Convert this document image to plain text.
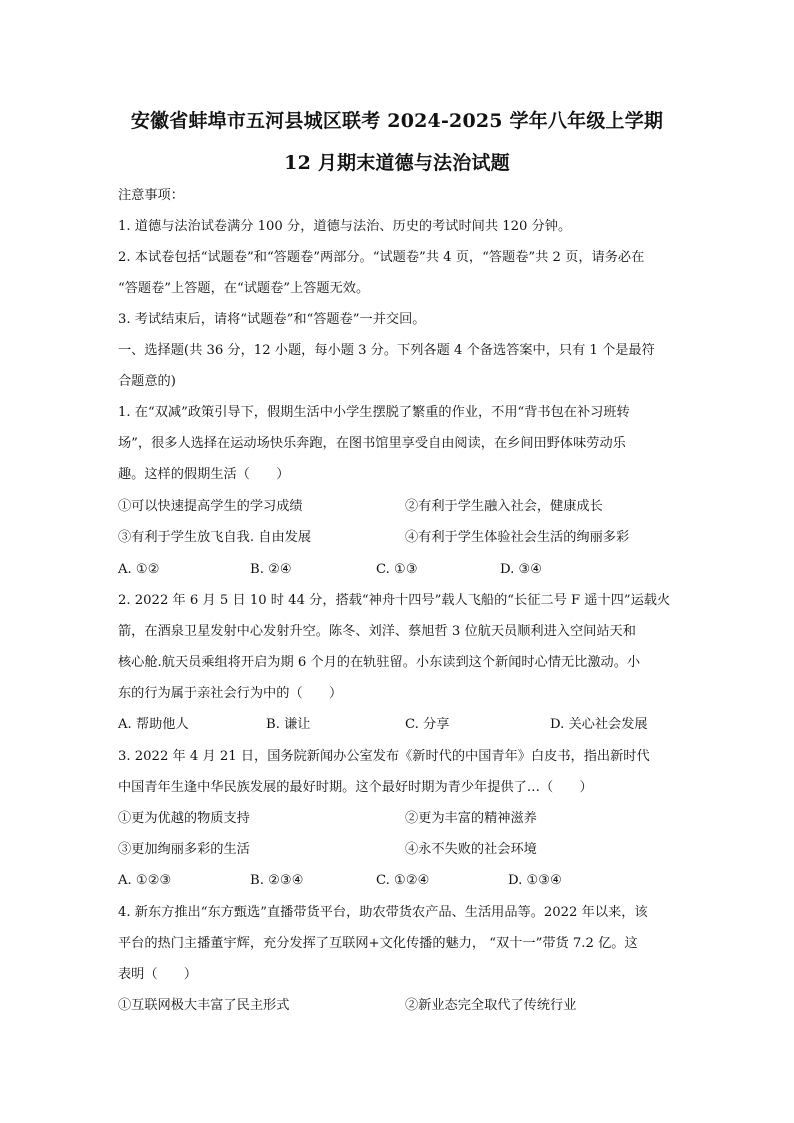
安徽省蚌埠市五河县城区联考 2024-2025 学年八年级上学期
12 月期末道德与法治试题
注意事项：
1. 道德与法治试卷满分 100 分，道德与法治、历史的考试时间共 120 分钟。
2. 本试卷包括“试题卷”和“答题卷”两部分。“试题卷”共 4 页，“答题卷”共 2 页，请务必在
“答题卷”上答题，在“试题卷”上答题无效。
3. 考试结束后，请将“试题卷”和“答题卷”一并交回。
一、选择题(共 36 分，12 小题，每小题 3 分。下列各题 4 个备选答案中，只有 1 个是最符
合题意的)
1. 在“双减”政策引导下，假期生活中小学生摆脱了繁重的作业，不用“背书包在补习班转
场”，很多人选择在运动场快乐奔跑，在图书馆里享受自由阅读，在乡间田野体味劳动乐
趣。这样的假期生活（　　）
①可以快速提高学生的学习成绩	②有利于学生融入社会，健康成长
③有利于学生放飞自我. 自由发展	④有利于学生体验社会生活的绚丽多彩
A. ①②	B. ②④	C. ①③	D. ③④
2. 2022 年 6 月 5 日 10 时 44 分，搭载“神舟十四号”载人飞船的“长征二号 F 遥十四”运载火
箭，在酒泉卫星发射中心发射升空。陈冬、刘洋、蔡旭哲 3 位航天员顺利进入空间站天和
核心舱.航天员乘组将开启为期 6 个月的在轨驻留。小东读到这个新闻时心情无比激动。小
东的行为属于亲社会行为中的（　　）
A. 帮助他人	B. 谦让	C. 分享	D. 关心社会发展
3. 2022 年 4 月 21 日，国务院新闻办公室发布《新时代的中国青年》白皮书，指出新时代
中国青年生逢中华民族发展的最好时期。这个最好时期为青少年提供了…（　　）
①更为优越的物质支持	②更为丰富的精神滋养
③更加绚丽多彩的生活	④永不失败的社会环境
A. ①②③	B. ②③④	C. ①②④	D. ①③④
4. 新东方推出“东方甄选”直播带货平台，助农带货农产品、生活用品等。2022 年以来，该
平台的热门主播董宇辉，充分发挥了互联网+文化传播的魅力， “双十一”带货 7.2 亿。这
表明（　　）
①互联网极大丰富了民主形式	②新业态完全取代了传统行业
